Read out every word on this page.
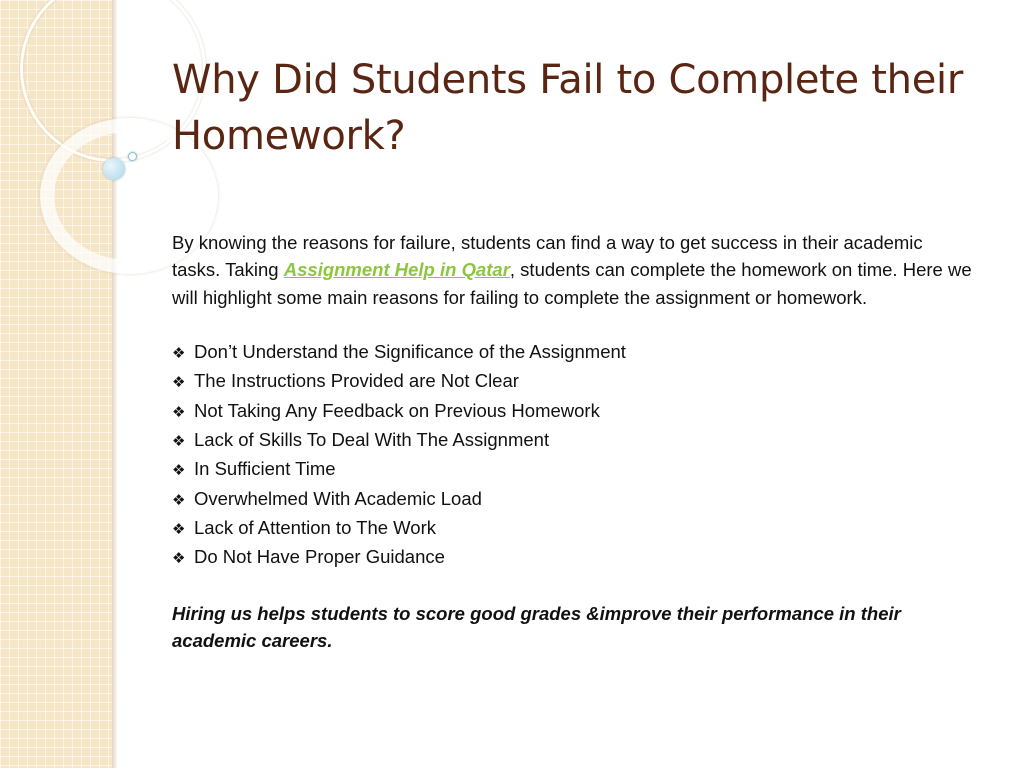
Why Did Students Fail to Complete their Homework?

By knowing the reasons for failure, students can find a way to get success in their academic tasks. Taking Assignment Help in Qatar, students can complete the homework on time. Here we will highlight some main reasons for failing to complete the assignment or homework.

❖ Don’t Understand the Significance of the Assignment
❖ The Instructions Provided are Not Clear
❖ Not Taking Any Feedback on Previous Homework
❖ Lack of Skills To Deal With The Assignment
❖ In Sufficient Time
❖ Overwhelmed With Academic Load
❖ Lack of Attention to The Work
❖ Do Not Have Proper Guidance

Hiring us helps students to score good grades &improve their performance in their academic careers.
